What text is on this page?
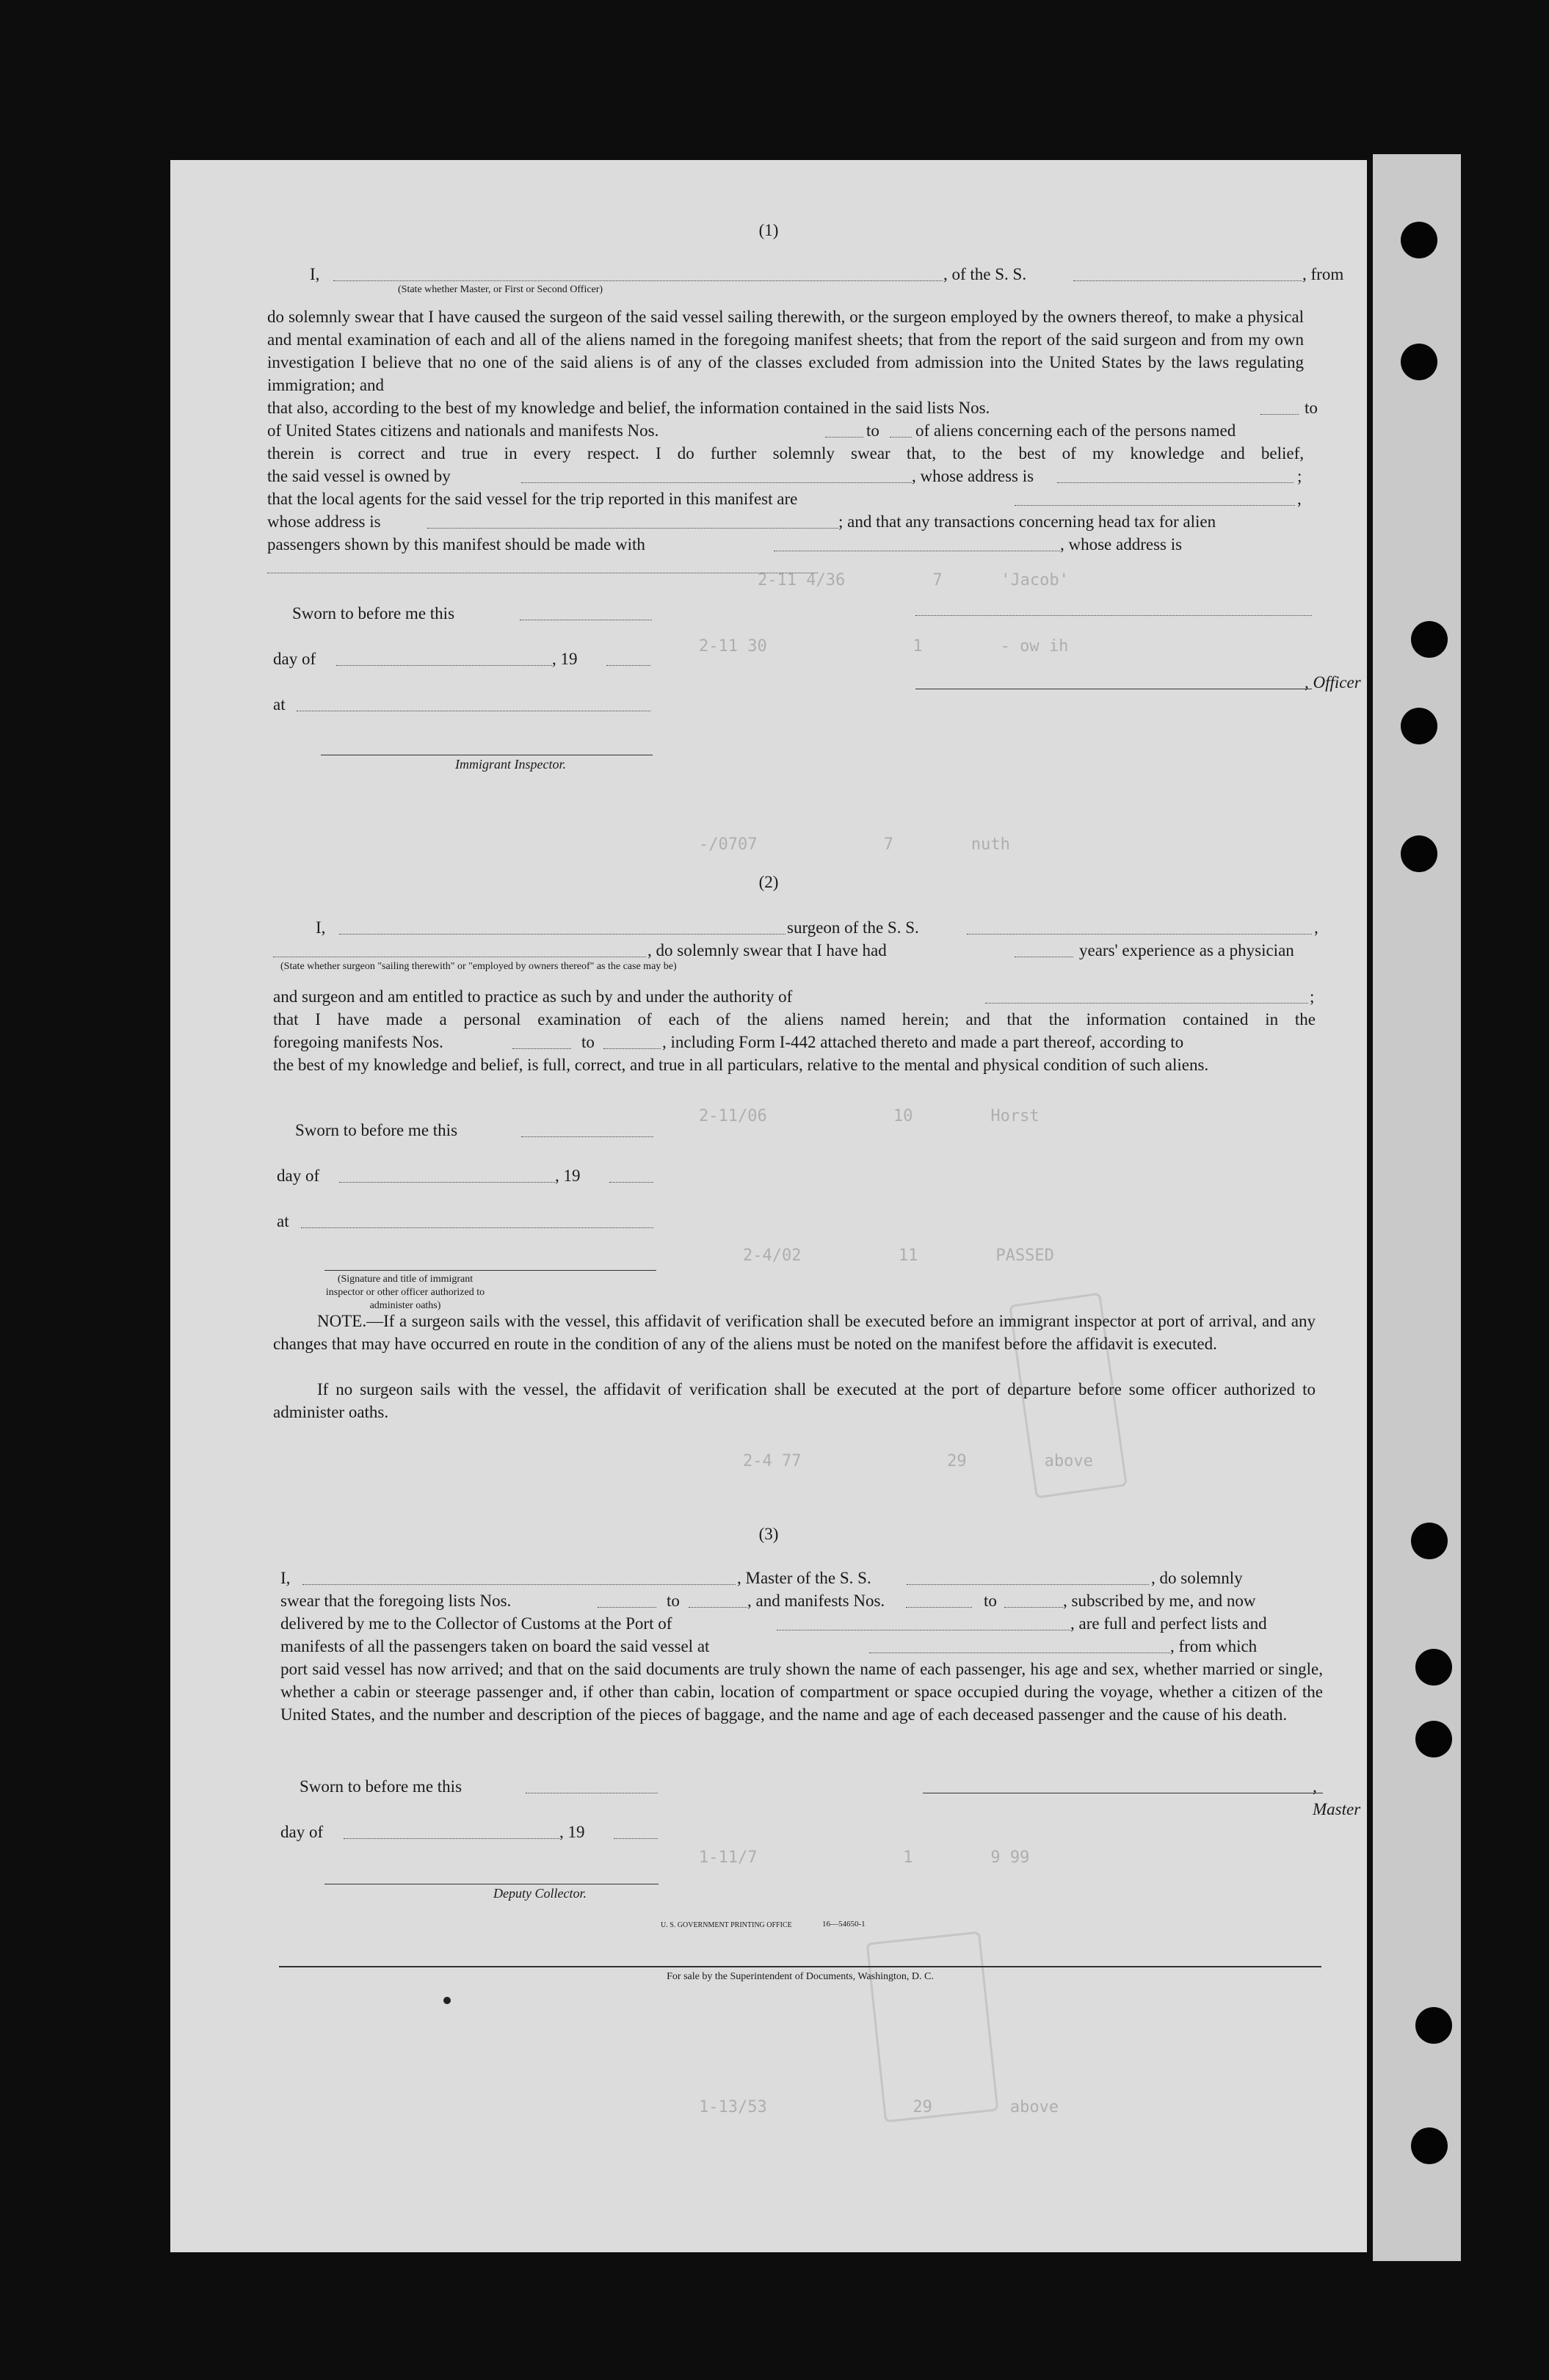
2-11 4/36         7      'Jacob'
2-11 30               1        - ow ih
-/0707             7        nuth
2-11/06             10        Horst
2-4/02          11        PASSED
2-4 77               29        above
1-11/7               1        9 99
1-13/53               29        above
(1)
I,	, of the S. S.	, from
(State whether Master, or First or Second Officer)
do solemnly swear that I have caused the surgeon of the said vessel sailing therewith, or the surgeon employed by the owners thereof, to make a physical and mental examination of each and all of the aliens named in the foregoing manifest sheets; that from the report of the said surgeon and from my own investigation I believe that no one of the said aliens is of any of the classes excluded from admission into the United States by the laws regulating immigration; and
that also, according to the best of my knowledge and belief, the information contained in the said lists Nos.	to
of United States citizens and nationals and manifests Nos.	to of aliens concerning each of the persons named
therein is correct and true in every respect. I do further solemnly swear that, to the best of my knowledge and belief,
the said vessel is owned by	, whose address is	;
that the local agents for the said vessel for the trip reported in this manifest are	,
whose address is	; and that any transactions concerning head tax for alien
passengers shown by this manifest should be made with	, whose address is
Sworn to before me this
day of	, 19
at
, Officer
Immigrant Inspector.
(2)
I,	surgeon of the S. S.	,
, do solemnly swear that I have had	years' experience as a physician
(State whether surgeon "sailing therewith" or "employed by owners thereof" as the case may be)
and surgeon and am entitled to practice as such by and under the authority of	;
that I have made a personal examination of each of the aliens named herein; and that the information contained in the
foregoing manifests Nos.	to	, including Form I-442 attached thereto and made a part thereof, according to
the best of my knowledge and belief, is full, correct, and true in all particulars, relative to the mental and physical condition of such aliens.
Sworn to before me this
day of	, 19
at
(Signature and title of immigrant inspector or other officer authorized to administer oaths)
NOTE.—If a surgeon sails with the vessel, this affidavit of verification shall be executed before an immigrant inspector at port of arrival, and any changes that may have occurred en route in the condition of any of the aliens must be noted on the manifest before the affidavit is executed.
If no surgeon sails with the vessel, the affidavit of verification shall be executed at the port of departure before some officer authorized to administer oaths.
(3)
I,	, Master of the S. S.	, do solemnly
swear that the foregoing lists Nos.	to	, and manifests Nos.	to	, subscribed by me, and now
delivered by me to the Collector of Customs at the Port of	, are full and perfect lists and
manifests of all the passengers taken on board the said vessel at	, from which
port said vessel has now arrived; and that on the said documents are truly shown the name of each passenger, his age and sex, whether married or single, whether a cabin or steerage passenger and, if other than cabin, location of compartment or space occupied during the voyage, whether a citizen of the United States, and the number and description of the pieces of baggage, and the name and age of each deceased passenger and the cause of his death.
Sworn to before me this
day of	, 19
, Master
Deputy Collector.
U. S. GOVERNMENT PRINTING OFFICE	16—54650-1
For sale by the Superintendent of Documents, Washington, D. C.
